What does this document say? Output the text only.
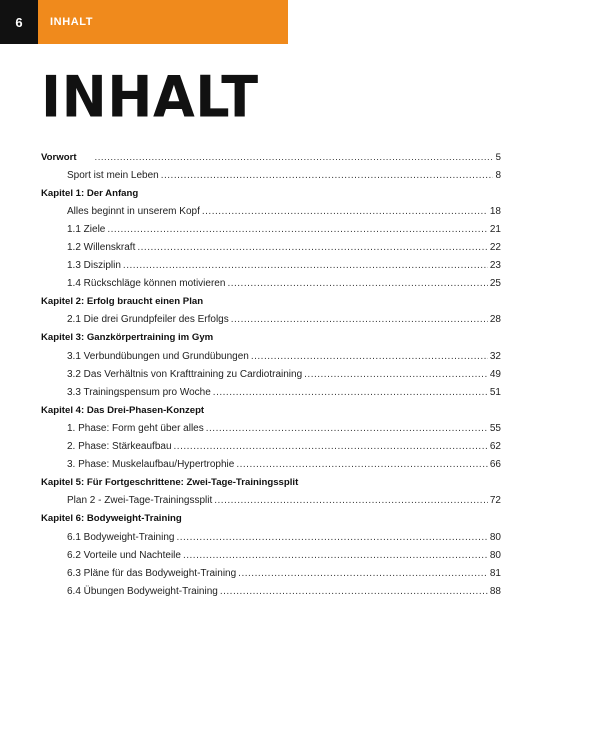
6	INHALT
INHALT
Vorwort .....	5
Sport ist mein Leben .....	8
Kapitel 1: Der Anfang
Alles beginnt in unserem Kopf .....	18
1.1 Ziele .....	21
1.2 Willenskraft .....	22
1.3 Disziplin .....	23
1.4 Rückschläge können motivieren .....	25
Kapitel 2: Erfolg braucht einen Plan
2.1 Die drei Grundpfeiler des Erfolgs .....	28
Kapitel 3: Ganzkörpertraining im Gym
3.1 Verbundübungen und Grundübungen .....	32
3.2 Das Verhältnis von Krafttraining zu Cardiotraining .....	49
3.3 Trainingspensum pro Woche .....	51
Kapitel 4: Das Drei-Phasen-Konzept
1. Phase: Form geht über alles .....	55
2. Phase: Stärkeaufbau .....	62
3. Phase: Muskelaufbau/Hypertrophie .....	66
Kapitel 5: Für Fortgeschrittene: Zwei-Tage-Trainingssplit
Plan 2 - Zwei-Tage-Trainingssplit .....	72
Kapitel 6: Bodyweight-Training
6.1 Bodyweight-Training .....	80
6.2 Vorteile und Nachteile .....	80
6.3 Pläne für das Bodyweight-Training .....	81
6.4 Übungen Bodyweight-Training .....	88
